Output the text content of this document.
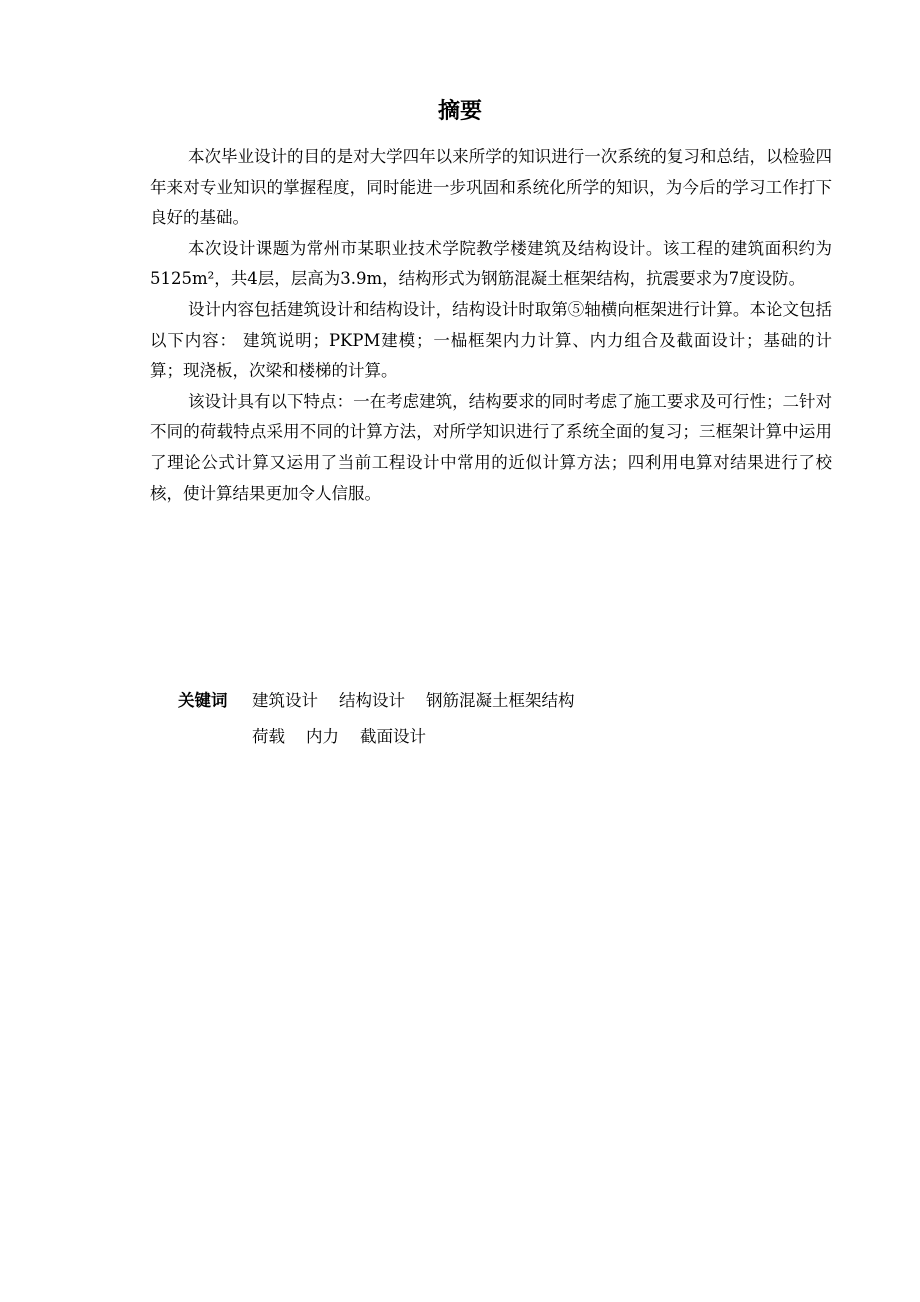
摘要

本次毕业设计的目的是对大学四年以来所学的知识进行一次系统的复习和总结，以检验四年来对专业知识的掌握程度，同时能进一步巩固和系统化所学的知识，为今后的学习工作打下良好的基础。

本次设计课题为常州市某职业技术学院教学楼建筑及结构设计。该工程的建筑面积约为5125m²，共4层，层高为3.9m，结构形式为钢筋混凝土框架结构，抗震要求为7度设防。

设计内容包括建筑设计和结构设计，结构设计时取第⑤轴横向框架进行计算。本论文包括以下内容： 建筑说明；PKPM建模；一榀框架内力计算、内力组合及截面设计；基础的计算；现浇板，次梁和楼梯的计算。

该设计具有以下特点：一在考虑建筑，结构要求的同时考虑了施工要求及可行性；二针对不同的荷载特点采用不同的计算方法，对所学知识进行了系统全面的复习；三框架计算中运用了理论公式计算又运用了当前工程设计中常用的近似计算方法；四利用电算对结果进行了校核，使计算结果更加令人信服。

关键词	建筑设计 结构设计 钢筋混凝土框架结构
荷载 内力 截面设计
